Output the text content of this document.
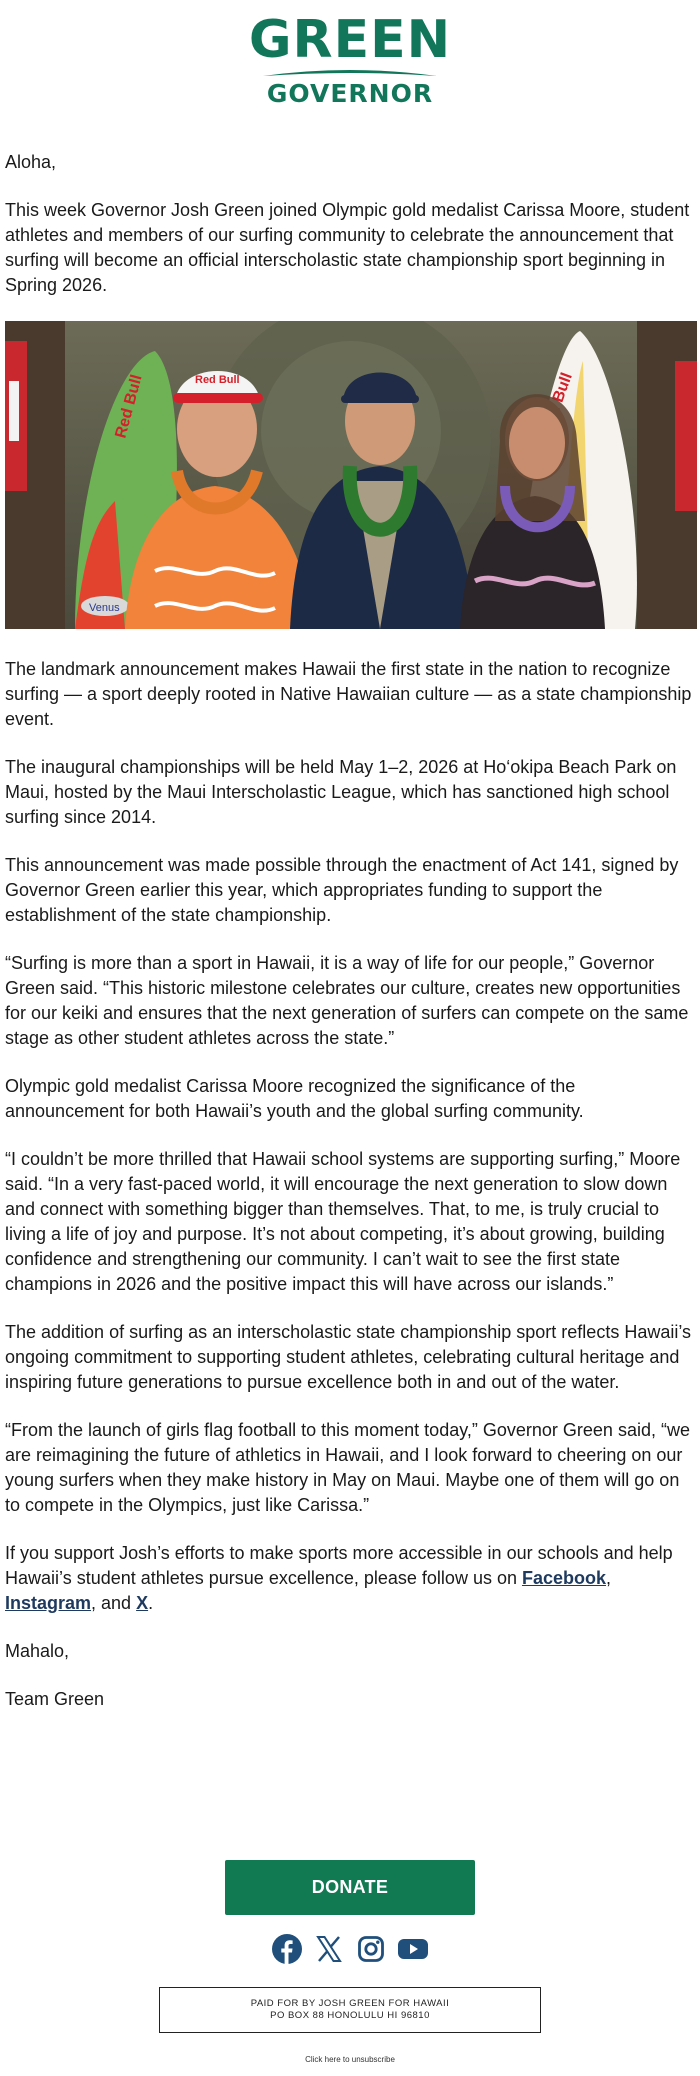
GREEN
GOVERNOR

Aloha,

This week Governor Josh Green joined Olympic gold medalist Carissa Moore, student athletes and members of our surfing community to celebrate the announcement that surfing will become an official interscholastic state championship sport beginning in Spring 2026.

Red Bull
Venus
Red Bull

The landmark announcement makes Hawaii the first state in the nation to recognize surfing — a sport deeply rooted in Native Hawaiian culture — as a state championship event.

The inaugural championships will be held May 1–2, 2026 at Ho‘okipa Beach Park on Maui, hosted by the Maui Interscholastic League, which has sanctioned high school surfing since 2014.

This announcement was made possible through the enactment of Act 141, signed by Governor Green earlier this year, which appropriates funding to support the establishment of the state championship.

“Surfing is more than a sport in Hawaii, it is a way of life for our people,” Governor Green said. “This historic milestone celebrates our culture, creates new opportunities for our keiki and ensures that the next generation of surfers can compete on the same stage as other student athletes across the state.”

Olympic gold medalist Carissa Moore recognized the significance of the announcement for both Hawaii’s youth and the global surfing community.

“I couldn’t be more thrilled that Hawaii school systems are supporting surfing,” Moore said. “In a very fast-paced world, it will encourage the next generation to slow down and connect with something bigger than themselves. That, to me, is truly crucial to living a life of joy and purpose. It’s not about competing, it’s about growing, building confidence and strengthening our community. I can’t wait to see the first state champions in 2026 and the positive impact this will have across our islands.”

The addition of surfing as an interscholastic state championship sport reflects Hawaii’s ongoing commitment to supporting student athletes, celebrating cultural heritage and inspiring future generations to pursue excellence both in and out of the water.

“From the launch of girls flag football to this moment today,” Governor Green said, “we are reimagining the future of athletics in Hawaii, and I look forward to cheering on our young surfers when they make history in May on Maui. Maybe one of them will go on to compete in the Olympics, just like Carissa.”

If you support Josh’s efforts to make sports more accessible in our schools and help Hawaii’s student athletes pursue excellence, please follow us on Facebook, Instagram, and X.

Mahalo,

Team Green

DONATE
PAID FOR BY JOSH GREEN FOR HAWAII
PO BOX 88 HONOLULU HI 96810
Click here to unsubscribe
